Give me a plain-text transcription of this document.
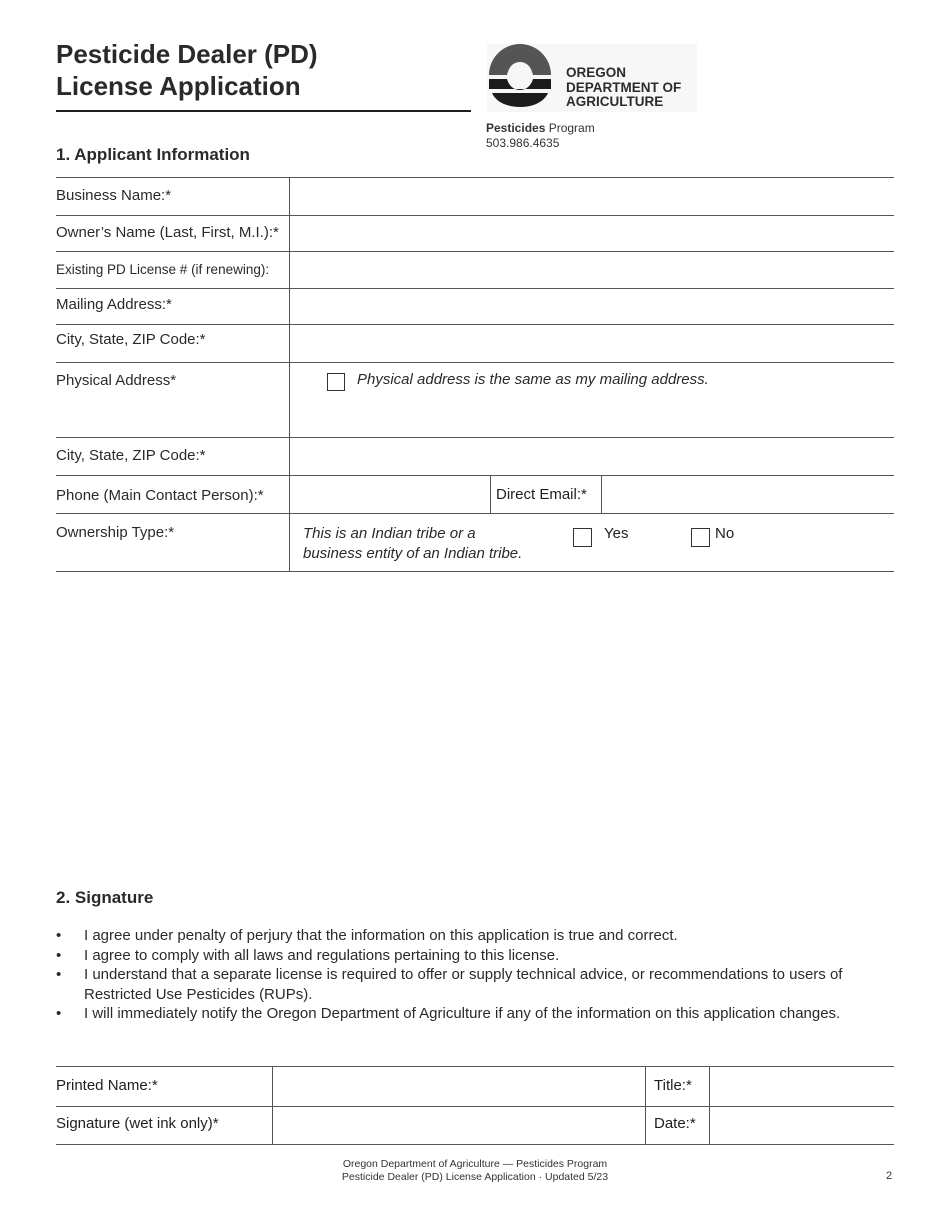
Pesticide Dealer (PD)
License Application	OREGON
DEPARTMENT OF
AGRICULTURE
Pesticides Program
503.986.4635
1. Applicant Information
Business Name:*
Owner’s Name (Last, First, M.I.):*
Existing PD License # (if renewing):
Mailing Address:*
City, State, ZIP Code:*
Physical Address*	Physical address is the same as my mailing address.
City, State, ZIP Code:*
Phone (Main Contact Person):*	Direct Email:*
Ownership Type:*	This is an Indian tribe or a
business entity of an Indian tribe.
Yes	No
2. Signature
• I agree under penalty of perjury that the information on this application is true and correct.
• I agree to comply with all laws and regulations pertaining to this license.
• I understand that a separate license is required to offer or supply technical advice, or recommendations to users of Restricted Use Pesticides (RUPs).
• I will immediately notify the Oregon Department of Agriculture if any of the information on this application changes.
Printed Name:*	Title:*
Signature (wet ink only)*	Date:*
Oregon Department of Agriculture — Pesticides Program
Pesticide Dealer (PD) License Application · Updated 5/23	2
